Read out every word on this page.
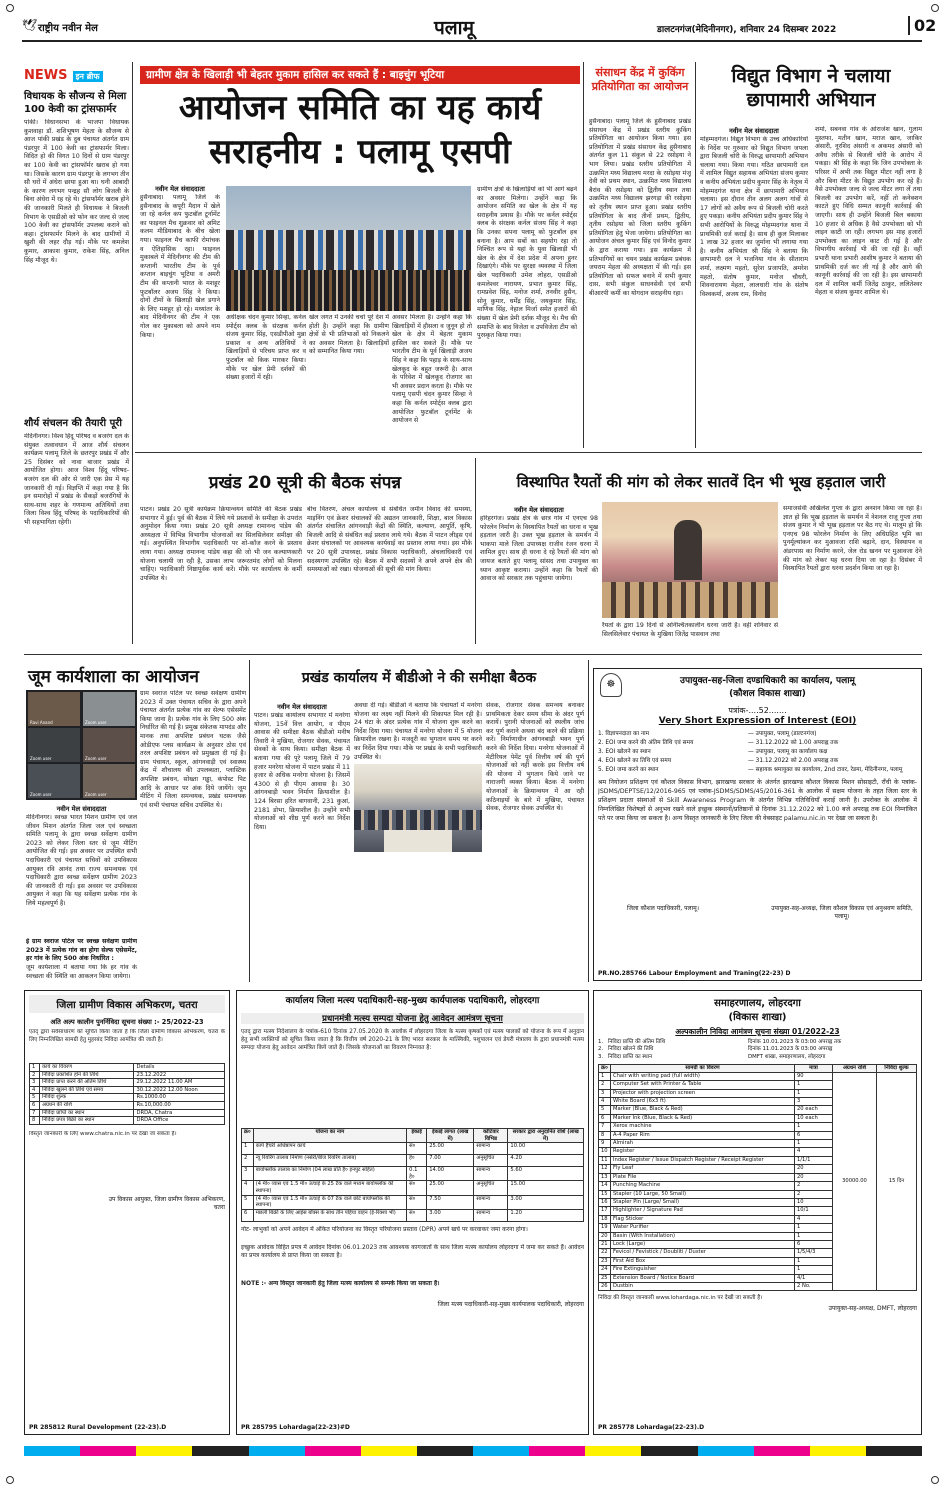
🕊 राष्ट्रीय नवीन मेल	पलामू	डालटनगंज(मेदिनीनगर), शनिवार 24 दिसम्बर 2022	02
NEWS इन ब्रीफ
विधायक के सौजन्य से मिला 100 केवी का ट्रांसफार्मर
पांकी। विधानसभा के भाजपा विधायक कुशवाहा डॉ. शशिभूषण मेहता के सौजन्य से आज पांकी प्रखंड के दुब पंचायत अंतर्गत ग्राम पंडरपुर में 100 केवी का ट्रांसफार्मर मिला। विदित हो की विगत 10 दिनों से ग्राम पंडरपुर का 100 केवी का ट्रांसफॉर्मर खराब हो गया था। जिसके कारण ग्राम पंडरपुर के लगभग तीन सौ घरों में अंधेरा छाया हुआ था। घनी आबादी के कारण लगभग पन्द्रह सौ लोग बिजली के बिना अंधेरा में रह रहे थे। ट्रांसफॉर्मर खराब होने की जानकारी मिलते ही विधायक ने बिजली विभाग के एसडीओ को फोन कर जल्द से जल्द 100 केवी का ट्रांसफॉर्मर उपलब्ध कराने को कहा। ट्रांसफार्मर मिलने के बाद ग्रामीणों में खुशी की लहर दौड़ गई। मौके पर कमलेश कुमार, आकाश कुमार, राकेश सिंह, अनिल सिंह मौजूद थे।
शौर्य संचलन की तैयारी पूरी
मेदिनीनगर। विश्व हिंदू परिषद व बजरंग दल के संयुक्त तत्वावधान में आज शौर्य संचलन कार्यक्रम पलामू जिले के छतरपुर प्रखंड में और 25 दिसंबर को नावा बाजार प्रखंड में आयोजित होगा। आज विश्व हिंदू परिषद-बजरंग दल की ओर से जारी एक प्रेस में यह जानकारी दी गई। विज्ञप्ति में कहा गया है कि इन समारोहों में प्रखंड के सैकड़ों बजरंगियों के साथ-साथ शहर के गणमान्य अतिथियों तथा जिला विश्व हिंदू परिषद के पदाधिकारियों की भी सहभागिता रहेगी।
ग्रामीण क्षेत्र के खिलाड़ी भी बेहतर मुकाम हासिल कर सकते हैं : बाइचुंग भूटिया
आयोजन समिति का यह कार्य
सराहनीय : पलामू एसपी
नवीन मेल संवाददाता
हुसैनाबाद। पलामू जिले के हुसैनाबाद के कपूरी मैदान में खेले जा रहे कर्नल कप फुटबॉल टूर्नामेंट का फाइनल मैच शुक्रवार को अमिट कलम मीडियाबाद के बीच खेला गया। फाइनल मैच काफी रोमांचक व ऐतिहासिक रहा। फाइनल मुकाबले में मेदिनीनगर की टीम की कप्तानी भारतीय टीम के पूर्व कप्तान बाइचुंग भूटिया व अमरी टीम की कप्तानी भारत के मशहूर फुटबॉलर अजय सिंह ने किया। दोनों टीमों के खिलाड़ी खेल डगाने के लिए मशहूर हो रहे। मध्यांतर के बाद मेदिनीनगर की टीम ने एक गोल कर मुकाबला को अपने नाम किया।
अधीक्षक चंदन कुमार सिन्हा, कर्नल स्पोर्ट्स क्लब के संरक्षक कर्नल संजय कुमार सिंह, एसडीपीओ मुन्ना प्रकाश व अन्य अतिथियों ने खिलाड़ियों से परिचय प्राप्त कर व फुटबॉल को किक मारकर किया। मौके पर खेल प्रेमी दर्शकों की संख्या हजारों में रही।
खेल जगत में उनकी चर्चा पूरे देश में होती है। उन्होंने कहा कि ग्रामीण क्षेत्रों से भी प्रतिभाओं को निकलने का अवसर मिलता है। खिलाड़ियों को सम्मानित किया गया।
अवसर मिलता है। उन्होंने कहा कि खिलाड़ियों में हौसला व जुनून हो तो खेल के क्षेत्र में बेहतर मुकाम हासिल कर सकते हैं। मौके पर भारतीय टीम के पूर्व खिलाड़ी अजय सिंह ने कहा कि पहाड़ के साथ-साथ खेलकूद के बहुत जरूरी है। आज के परिवेश में खेलकूद रोजगार का भी अवसर प्रदान करता है। मौके पर पलामू एसपी चंदन कुमार सिन्हा ने कहा कि कर्नल स्पोर्ट्स क्लब द्वारा आयोजित फुटबॉल टूर्नामेंट के आयोजन से
ग्रामीण क्षेत्रों के खिलाड़ियों को भी आगे बढ़ने का अवसर मिलेगा। उन्होंने कहा कि आयोजन समिति का खेल के क्षेत्र में यह सराहनीय प्रयास है। मौके पर कर्नल स्पोर्ट्स क्लब के संरक्षक कर्नल संजय सिंह ने कहा कि उनका सपना पलामू को फुटबॉल हब बनाना है। आप सबों का सहयोग रहा तो निश्चित रूप से यहां के युवा खिलाड़ी भी खेल के क्षेत्र में देश प्रदेश में अपना हुनर दिखाएंगे। मौके पर सुरक्षा व्यवस्था में जिला खेल पदाधिकारी उमेश लोहरा, एसडीओ कमलेश्वर नारायण, प्रभात कुमार सिंह, रामप्रवेश सिंह, मनोज शर्मा, तनवीर हुसैन, सोनू कुमार, धर्मेंद्र सिंह, जयकुमार सिंह, माणिक सिंह, नेहाल मिर्जा समेत हजारों की संख्या में खेल प्रेमी दर्शक मौजूद थे। मैच की समाप्ति के बाद विजेता व उपविजेता टीम को पुरस्कृत किया गया।
संसाधन केंद्र में कुकिंग प्रतियोगिता का आयोजन
हुसैनाबाद। पलामू जिले के हुसैनाबाद प्रखंड संसाधन केंद्र में प्रखंड स्तरीय कुकिंग प्रतियोगिता का आयोजन किया गया। इस प्रतियोगिता में प्रखंड संसाधन केंद्र हुसैनाबाद अंतर्गत कुल 11 संकुल से 22 रसोइया ने भाग लिया। प्रखंड स्तरीय प्रतियोगिता में उत्क्रमित मध्य विद्यालय मरदा के रसोइया मंजू देवी को प्रथम स्थान, उत्क्रमित मध्य विद्यालय बैरांव की रसोइया को द्वितीय स्थान तथा उत्क्रमित मध्य विद्यालय झरगड़ा की रसोइया को तृतीय स्थान प्राप्त हुआ। प्रखंड स्तरीय प्रतियोगिता के बाद तीनों प्रथम, द्वितीय, तृतीय रसोइया को जिला स्तरीय कुकिंग प्रतियोगिता हेतु भेजा जायेगा। प्रतियोगिता का आयोजन अंचल कुमार सिंह एवं विनोद कुमार के द्वारा कराया गया। इस कार्यक्रम में प्रतिभागियों का चयन प्रखंड कार्यक्रम प्रबंधक जयराम मेहता की अध्यक्षता में की गई। इस प्रतियोगिता को सफल बनाने में सभी कुमार दास, सभी संकुल साधनसेवी एवं सभी बीआरपी कर्मी का योगदान सराहनीय रहा।
विद्युत विभाग ने चलाया छापामारी अभियान
नवीन मेल संवाददाता
मोहम्मदगंज। विद्युत विभाग के उच्च अधिकारियों के निर्देश पर गुरुवार को विद्युत विभाग जपला द्वारा बिजली चोरी के विरुद्ध छापामारी अभियान चलाया गया। किया गया। गठित छापामारी दल में शामिल विद्युत सहायक अभियंता संजय कुमार व कनीय अभियंता प्रदीप कुमार सिंह के नेतृत्व में मोहम्मदगंज थाना क्षेत्र में छापामारी अभियान चलाया। इस दौरान तीन अलग अलग गांवों से 17 लोगों को अवैध रूप से बिजली चोरी करते हुए पकड़ा। कनीय अभियंता प्रदीप कुमार सिंह ने सभी आरोपियों के विरुद्ध मोहम्मदगंज थाना में प्राथमिकी दर्ज कराई है। साथ ही कुल मिलाकर 1 लाख 32 हजार का जुर्माना भी लगाया गया है। कनीय अभियंता श्री सिंह ने बताया कि छापामारी दल ने भजनिया गांव के सीताराम शर्मा, लक्ष्मण महतो, सुरेश प्रजापति, अमरेश महतो, संतोष कुमार, मनोज चौधरी, शिवनारायण मेहता, लालधारी गांव के संतोष विश्वकर्मा, अजय राम, विनोद
शर्मा, सबनवा गांव के ओराजेश खान, गुलाम मुस्तफा, मतीन खान, मराज खान, जाकिर अंसारी, नूरशिद अंसारी व अकमद अंसारी को अवैध तरीके से बिजली चोरी के आरोप में पकड़ा। श्री सिंह के कहा कि जिन उपभोक्ता के परिसर में अभी तक विद्युत मीटर नहीं लगा है और बिना मीटर के विद्युत उपभोग कर रहे हैं। वैसे उपभोक्ता जल्द से जल्द मीटर लगा लें तथा बिजली का उपभोग करें, नहीं तो कनेक्शन काटते हुए विधि सम्मत कानूनी कार्रवाई की जाएगी। साथ ही उन्होंने बिजली बिल बकाया 10 हजार से अधिक है वैसे उपभोक्ता को भी लाइन काटी जा रही। लगभग इस माह हजारों उपभोक्ता का लाइन काट दी गई है और विभागीय कार्रवाई भी की जा रही है। वहीं प्रभारी थाना प्रभारी आशीष कुमार ने बताया की प्राथमिकी दर्ज कर ली गई है और आगे की कानूनी कार्रवाई की जा रही है। इस छापामारी दल में शामिल कर्मी जितेंद्र ठाकुर, ललितेश्वर मेहता व संजय कुमार शामिल थे।
प्रखंड 20 सूत्री की बैठक संपन्न
पाटन। प्रखंड 20 सूत्री कार्यक्रम क्रियान्वयन समिति की बैठक प्रखंड सभागार में हुई। पूर्व की बैठक में लिये गये प्रस्तावों के समीक्षा के उपरांत अनुमोदन किया गया। प्रखंड 20 सूत्री अध्यक्ष रामानन्द पांडेय की अध्यक्षता में विभिन्न विभागीय योजनाओं का सिलसिलेवार समीक्षा की गई। अनुपस्थित विभागीय पदाधिकारी पर शो-कॉज करने के प्रस्ताव लाया गया। अध्यक्ष रामानन्द पांडेय कहा की जो भी जन कल्याणकारी योजना चलायी जा रही है, उसका लाभ जरूरतमंद लोगों को मिलना चाहिए। पदाधिकारी निष्ठापूर्वक कार्य करें। मौके पर कार्यालय के कर्मी उपस्थित थे।
बीच वितरण, अंचल कार्यालय से संबंधित जमीन विवाद की समस्या, माइनिंग एवं क्रेशर संचालकों की अद्यतन जानकारी, शिक्षा, बाल विकास अंतर्गत संचालित आंगनवाड़ी केंद्रों की स्थिति, कल्याण, आपूर्ति, कृषि, बिजली आदि से संबंधित कई प्रस्ताव लाये गये। बैठक में पाटन लीड्स एवं क्रेशर संचालकों पर आवश्यक कार्यवाई का प्रस्ताव लाया गया। इस मौके पर 20 सूत्री उपाध्यक्ष, प्रखंड विकास पदाधिकारी, अंचलाधिकारी एवं सदस्यगण उपस्थित रहे। बैठक में सभी सदस्यों ने अपने अपने क्षेत्र की समस्याओं को रखा। योजनाओं की सूची की मांग किया।
विस्थापित रैयतों की मांग को लेकर सातवें दिन भी भूख हड़ताल जारी
नवीन मेल संवाददाता
हरिहरगंज। प्रखंड क्षेत्र के छात्र गांव में एनएच 98 फोरलेन निर्माण के विस्थापित रैयतों का धरना व भूख हड़ताल जारी है। उक्त भूख हड़ताल के समर्थन में भाकपा माले जिला उपाध्यक्ष राजीव रंजन धरना में शामिल हुए। साथ ही धरना दे रहे रैयतों की मांग को जायज बताते हुए पलामू सांसद तथा उपायुक्त का ध्यान आकृष्ट कराया। उन्होंने कहा कि रैयतों की आवाज को सरकार तक पहुंचाया जायेगा।
रैयतों के द्वारा 19 दिनों से अनिश्चितकालीन धरना जारी है। वहीं शनिवार से सिलसिलेवार पंचायत के मुखिया जितेंद्र पासवान तथा
समाजसेवी अखिलेश गुप्ता के द्वारा अनशन किया जा रहा है। ज्ञात हो कि भूख हड़ताल के समर्थन में नेशनल राजू गुप्ता तथा संजय कुमार ने भी भूख हड़ताल पर बैठ गए थे। मालूम हो कि एनएच 98 फोरलेन निर्माण के लिए अधिग्रहित भूमि का पुनर्मूल्यांकन कर मुआवजा राशि बढ़ाने, दान, विस्थापन व अंडरपास का निर्माण करने, जेल रोड खनन पर मुआवजा देने की मांग को लेकर यह धरना दिया जा रहा है। दिसंबर में विस्थापित रैयतों द्वारा धरना प्रदर्शन किया जा रहा है।
जूम कार्यशाला का आयोजन
Ravi Anand	Zoom user
Zoom user	Zoom user
Zoom user	Zoom user
नवीन मेल संवाददाता
मेदिनीनगर। स्वच्छ भारत मिशन ग्रामीण एवं जल जीवन मिशन अंतर्गत जिला जल एवं स्वच्छता समिति पलामू के द्वारा स्वच्छ सर्वेक्षण ग्रामीण 2023 को लेकर जिला स्तर से जूम मीटिंग आयोजित की गई। इस अवसर पर उपस्थित सभी पदाधिकारी एवं पंचायत सचिवों को उपविकास आयुक्त रवि आनंद तथा राज्य समन्वयक एवं पदाधिकारी द्वारा स्वच्छ सर्वेक्षण ग्रामीण 2023 की जानकारी दी गई। इस अवसर पर उपविकास आयुक्त ने कहा कि यह सर्वेक्षण प्रत्येक गांव के लिये महत्वपूर्ण है।
ई ग्राम स्वराज पोर्टल पर स्वच्छ सर्वेक्षण ग्रामीण 2023 में प्रत्येक गांव का होगा सेल्फ एसेसमेंट, हर गांव के लिए 500 अंक निर्धारित :
जूम कार्यशाला में बताया गया कि हर गांव के स्वच्छता की स्थिति का आकलन किया जायेगा।
ग्राम स्वराज पोर्टल पर स्वच्छ सर्वेक्षण ग्रामीण 2023 में उक्त पंचायत सचिव के द्वारा अपने पंचायत अंतर्गत प्रत्येक गांव का सेल्फ एसेसमेंट किया जाना है। प्रत्येक गांव के लिए 500 अंक निर्धारित की गई है। प्रमुख संकेतक मापदंड और मानक तथा अपशिष्ट प्रबंधन घटक जैसे ओडीएफ प्लस कार्यक्रम के अनुसार ठोस एवं तरल अपशिष्ट प्रबंधन को प्रमुखता दी गई है। ग्राम पंचायत, स्कूल, आंगनवाड़ी एवं स्वास्थ्य केंद्र में शौचालय की उपलब्धता, प्लास्टिक अपशिष्ट प्रबंधन, सोख्ता गड्ढा, कंपोस्ट पिट आदि के आधार पर अंक दिये जायेंगे। जूम मीटिंग में जिला समन्वयक, प्रखंड समन्वयक एवं सभी पंचायत सचिव उपस्थित थे।
प्रखंड कार्यालय में बीडीओ ने की समीक्षा बैठक
नवीन मेल संवाददाता
पाटन। प्रखंड कार्यालय सभागार में मनरेगा योजना, 15वें वित्त आयोग, व पीएम आवास की समीक्षा बैठक बीडीओ मनीष तिवारी ने मुखिया, रोजगार सेवक, पंचायत सेवकों के साथ किया। समीक्षा बैठक में बताया गया की पूरे पलामू जिले में 79 हजार मनरेगा योजना में पाटन प्रखंड में 11 हजार से अधिक मनरेगा योजना है। जिसमें 4300 से ही पीएम आवास है। 30 आंगनबाड़ी भवन निर्माण क्रियाशील है। 124 बिरसा हरित बागवानी, 231 कुआं, 2181 डोभा, क्रियाशील है। उन्होंने सभी योजनाओं को शीघ्र पूर्ण करने का निर्देश दिया।
अवधा दी गई। बीडीओ ने बताया कि पंचायतों में मनरेगा योजना का लक्ष्य नहीं मिलने की शिकायत मिल रही है। 24 घंटा के अंदर प्रत्येक गांव में योजना शुरू करने का निर्देश दिया गया। पंचायत में मनरेगा योजना में 5 योजना क्रियाशील रखना है। मजदूरी का भुगतान समय पर करने का निर्देश दिया गया। मौके पर प्रखंड के सभी पदाधिकारी उपस्थित थे।
सेवक, रोजगार सेवक समन्वय बनाकर प्राथमिकता देकर समय सीमा के अंदर पूर्ण करायें। पुरानी योजनाओं को स्थलीय जांच कर पूर्ण कराने अथवा बंद करने की प्रक्रिया करें। निर्माणाधीन आंगनबाड़ी भवन पूर्ण करने की निर्देश दिया। मनरेगा योजनाओं में मेटीरियल पेमेंट पूर्व वित्तीय वर्ष की पूर्ण योजनाओं को नहीं करके इस वित्तीय वर्ष की योजना में भुगतान किये जाने पर नाराजगी व्यक्त किया। बैठक में मनरेगा योजनाओं के क्रियान्वयन में आ रही कठिनाइयों के बारे में मुखिया, पंचायत सेवक, रोजगार सेवक उपस्थित थे।
☸	उपायुक्त-सह-जिला दण्डाधिकारी का कार्यालय, पलामू
(कौशल विकास शाखा)
पत्रांक-....52.......
Very Short Expression of Interest (EOI)
1. विज्ञापनदाता का नाम	— उपायुक्त, पलामू (डाल्टनगंज)
2. EOI जमा करने की अंतिम तिथि एवं समय	— 31.12.2022 को 1.00 अपराह्न तक
3. EOI खोलने का स्थान	— उपायुक्त, पलामू का कार्यालय कक्ष
4. EOI खोलने का तिथि एवं समय	— 31.12.2022 को 2.00 अपराह्न तक
5. EOI जमा करने का स्थान	— सहायक श्रमायुक्त का कार्यालय, 2nd टावर, रेडमा, मेदिनीनगर, पलामू
श्रम नियोजन प्रशिक्षण एवं कौशल विकास विभाग, झारखण्ड सरकार के अंतर्गत झारखण्ड कौशल विकास मिशन सोसाइटी, राँची के पत्रांक-JSDMS/DEPTSE/12/2016-965 एवं पत्रांक-JSDMS/SDMS/45/2016-361 के आलोक में सक्षम योजना के तहत जिला स्तर के प्रशिक्षण प्रदाता संस्थाओं से Skill Awareness Program के अंतर्गत विभिन्न गतिविधियाँ कराई जानी है। उपरोक्त के आलोक में निम्नलिखित विशेषज्ञों से अनुभव रखने वाले इच्छुक संस्थानों/प्रतिष्ठानों से दिनांक 31.12.2022 को 1.00 बजे अपराह्न तक EOI निम्नांकित पते पर जमा किया जा सकता है। अन्य विस्तृत जानकारी के लिए जिला की वेबसाइट palamu.nic.in पर देखा जा सकता है।
जिला कौशल पदाधिकारी, पलामू।	उपायुक्त-सह-अध्यक्ष, जिला कौशल विकास एवं अनुश्रवण समिति, पलामू।
PR.NO.285766 Labour Employment and Traning(22-23) D
जिला ग्रामीण विकास अभिकरण, चतरा
अति अल्प कालीन पुनर्निविदा सूचना संख्या :- 25/2022-23
एतद् द्वारा सर्वसाधारण को सूचित किया जाता है कि जिला ग्रामीण विकास अभिकरण, चतरा के लिए निम्नलिखित सामग्री हेतु मुहरबंद निविदा आमंत्रित की जाती है।
1	कार्य का विवरण	Details
2	निविदा प्रकाशित होने की तिथि	23.12.2022
3	निविदा प्राप्त करने की अंतिम तिथि	29.12.2022 11.00 AM
4	निविदा खुलने की तिथि एवं समय	30.12.2022 12.00 Noon
5	निविदा शुल्क	Rs.1000.00
6	अग्रधन की राशि	Rs.10,000.00
7	निविदा प्राप्ति का स्थान	DRDA, Chatra
8	निविदा प्रपत्र बिक्री का स्थान	DRDA Office
विस्तृत जानकारी के लिए www.chatra.nic.in पर देखा जा सकता है।
उप विकास आयुक्त, जिला ग्रामीण विकास अभिकरण, चतरा
PR 285812 Rural Development (22-23).D
कार्यालय जिला मत्स्य पदाधिकारी-सह-मुख्य कार्यपालक पदाधिकारी, लोहरदगा
प्रधानमंत्री मत्स्य सम्पदा योजना हेतु आवेदन आमंत्रण सूचना
एतद् द्वारा मत्स्य निदेशालय के पत्रांक-610 दिनांक 27.05.2020 के आलोक में लोहरदगा जिला के मत्स्य कृषकों एवं मत्स्य पालकों को योजना के रूप में अनुदान हेतु सभी व्यक्तियों को सूचित किया जाता है कि वित्तीय वर्ष 2020-21 के लिए भारत सरकार के मात्स्यिकी, पशुपालन एवं डेयरी मंत्रालय के द्वारा प्रधानमंत्री मत्स्य सम्पदा योजना हेतु आवेदन आमंत्रित किये जाते हैं। जिसके योजनाओं का विवरण निम्नवत है:
क्र०	योजना का नाम	ईकाई	ईकाई लागत (लाख में)	कोटिवार विभिन्न	सरकार द्वारा अनुदानित राशि (लाख में)
1	कार्प हैचरी अधिष्ठापन कार्य	सं०	25.00	सामान्य	10.00
2	न्यू रियरिंग तालाब निर्माण (नर्सरी/बीज रियरिंग तालाब)	हे०	7.00	अनुसूचित	4.20
3	बायोफ्लॉक तालाब का निर्माण (04 लाख प्रति है० इनपुट सहित)	0.1 हे०	14.00	सामान्य	5.60
4	(4 मी० व्यास एवं 1.5 मी० ऊंचाई के 25 टैंक वाले मध्यम बायोफ्लॉक की स्थापना)	सं०	25.00	अनुसूचित	15.00
5	(4 मी० व्यास एवं 1.5 मी० ऊंचाई के 07 टैंक वाले छोटे बायोफ्लॉक की स्थापना)	सं०	7.50	सामान्य	3.00
6	मछली बिक्री के लिए आईस बॉक्स के साथ तीन पहिया वाहन (ई-रिक्शा भी)	सं०	3.00	सामान्य	1.20
नोट- लाभुकों को अपने आवेदन में अंकित परियोजना का विस्तृत परियोजना प्रस्ताव (DPR) अपने खर्च पर करवाकर जमा करना होगा।
इच्छुक आवेदक विहित प्रपत्र में आवेदन दिनांक 06.01.2023 तक आवश्यक कागजातों के साथ जिला मत्स्य कार्यालय लोहरदगा में जमा कर सकते हैं। आवेदन का प्रपत्र कार्यालय से प्राप्त किया जा सकता है।
NOTE :- अन्य विस्तृत जानकारी हेतु जिला मत्स्य कार्यालय से सम्पर्क किया जा सकता है।
जिला मत्स्य पदाधिकारी-सह-मुख्य कार्यपालक पदाधिकारी, लोहरदगा
PR 285795 Lohardaga(22-23)#D
समाहरणालय, लोहरदगा
(विकास शाखा)
अल्पकालीन निविदा आमंत्रण सूचना संख्या 01/2022-23
1. निविदा प्राप्ति की अंतिम तिथि	दिनांक 10.01.2023 के 03:00 अपराह्न तक
2. निविदा खोलने की तिथि	दिनांक 11.01.2023 के 03:00 अपराह्न
3. निविदा प्राप्ति का स्थान	DMFT शाखा, समाहरणालय, लोहरदगा
क्र०	सामग्री का विवरण	मात्रा	अग्रधन राशि	निविदा शुल्क
1	Chair with writing pad (full width)	90	30000.00	15 दिन
2	Computer Set with Printer & Table	1		
3	Projector with projection screen	1		
4	White Board (6x3 ft)	3		
5	Marker (Blue, Black & Red)	20 each		
6	Marker Ink (Blue, Black & Red)	10 each		
7	Xerox machine	1		
8	A-4 Paper Rim	6		
9	Almirah	1		
10	Register	4		
11	Index Register / Issue Dispatch Register / Receipt Register	1/1/1		
12	Fly Leaf	20		
13	Plate File	20		
14	Punching Machine	2		
15	Stapler (10 Large, 50 Small)	2		
16	Stapler Pin (Large/ Small)	10		
17	Highlighter / Signature Pad	10/1		
18	Flag Sticker	4		
19	Water Purifier	1		
20	Basin (With Installation)	1		
21	Lock (Large)	6		
22	Fevicol / Fevistick / Doubliti / Duster	1/5/4/3		
23	First Aid Box	1		
24	Fire Extinguisher	1		
25	Extension Board / Notice Board	4/1		
26	Dustbin	2 No.		
निविदा की विस्तृत जानकारी www.lohardaga.nic.in पर देखी जा सकती है।
उपायुक्त-सह-अध्यक्ष, DMFT, लोहरदगा
PR 285778 Lohardaga(22-23).D
